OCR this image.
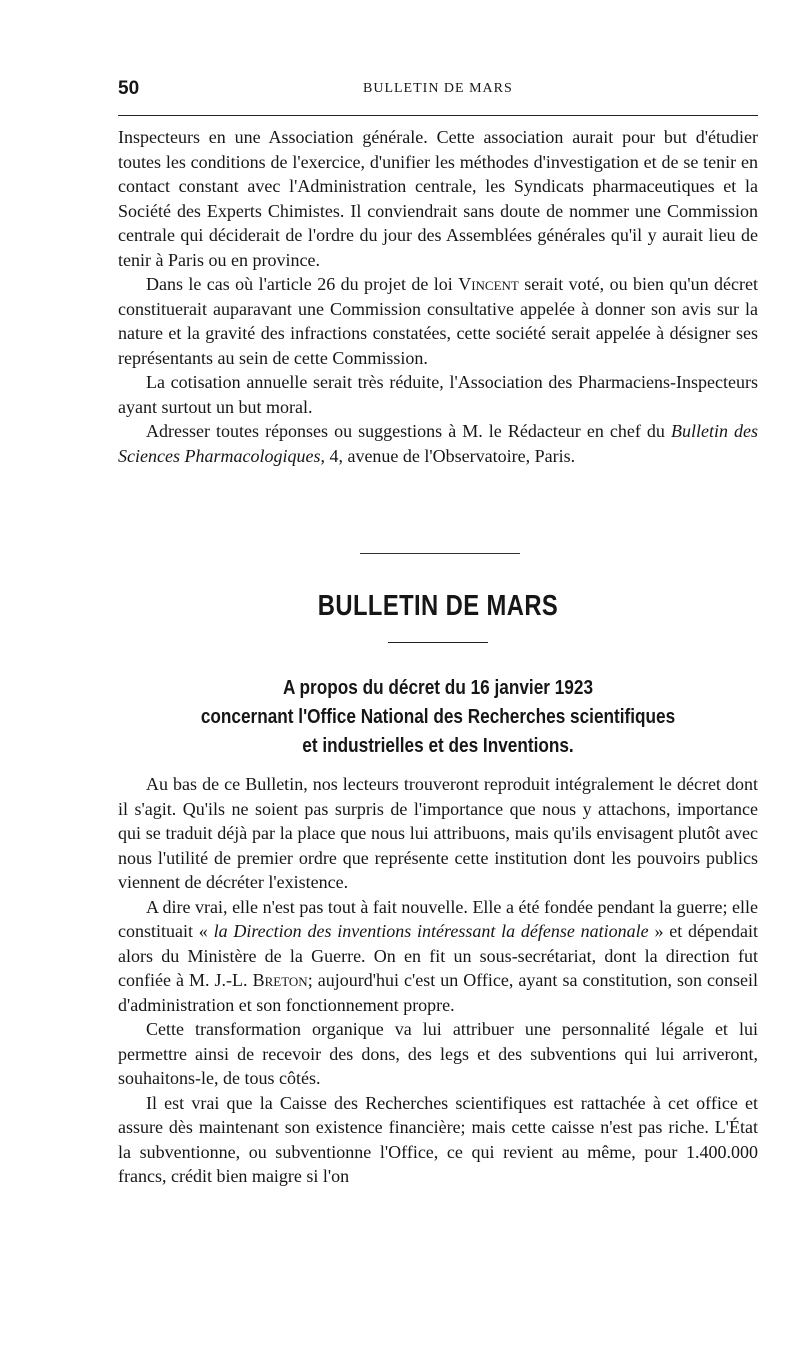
50	BULLETIN DE MARS

Inspecteurs en une Association générale. Cette association aurait pour but d'étudier toutes les conditions de l'exercice, d'unifier les méthodes d'investigation et de se tenir en contact constant avec l'Administration centrale, les Syndicats pharmaceutiques et la Société des Experts Chimistes. Il conviendrait sans doute de nommer une Commission centrale qui déciderait de l'ordre du jour des Assemblées générales qu'il y aurait lieu de tenir à Paris ou en province.

Dans le cas où l'article 26 du projet de loi Vincent serait voté, ou bien qu'un décret constituerait auparavant une Commission consultative appelée à donner son avis sur la nature et la gravité des infractions constatées, cette société serait appelée à désigner ses représentants au sein de cette Commission.

La cotisation annuelle serait très réduite, l'Association des Pharmaciens-Inspecteurs ayant surtout un but moral.

Adresser toutes réponses ou suggestions à M. le Rédacteur en chef du Bulletin des Sciences Pharmacologiques, 4, avenue de l'Observatoire, Paris.

BULLETIN DE MARS
A propos du décret du 16 janvier 1923
concernant l'Office National des Recherches scientifiques
et industrielles et des Inventions.

Au bas de ce Bulletin, nos lecteurs trouveront reproduit intégralement le décret dont il s'agit. Qu'ils ne soient pas surpris de l'importance que nous y attachons, importance qui se traduit déjà par la place que nous lui attribuons, mais qu'ils envisagent plutôt avec nous l'utilité de premier ordre que représente cette institution dont les pouvoirs publics viennent de décréter l'existence.

A dire vrai, elle n'est pas tout à fait nouvelle. Elle a été fondée pendant la guerre; elle constituait « la Direction des inventions intéressant la défense nationale » et dépendait alors du Ministère de la Guerre. On en fit un sous-secrétariat, dont la direction fut confiée à M. J.-L. Breton; aujourd'hui c'est un Office, ayant sa constitution, son conseil d'administration et son fonctionnement propre.

Cette transformation organique va lui attribuer une personnalité légale et lui permettre ainsi de recevoir des dons, des legs et des subventions qui lui arriveront, souhaitons-le, de tous côtés.

Il est vrai que la Caisse des Recherches scientifiques est rattachée à cet office et assure dès maintenant son existence financière; mais cette caisse n'est pas riche. L'État la subventionne, ou subventionne l'Office, ce qui revient au même, pour 1.400.000 francs, crédit bien maigre si l'on
